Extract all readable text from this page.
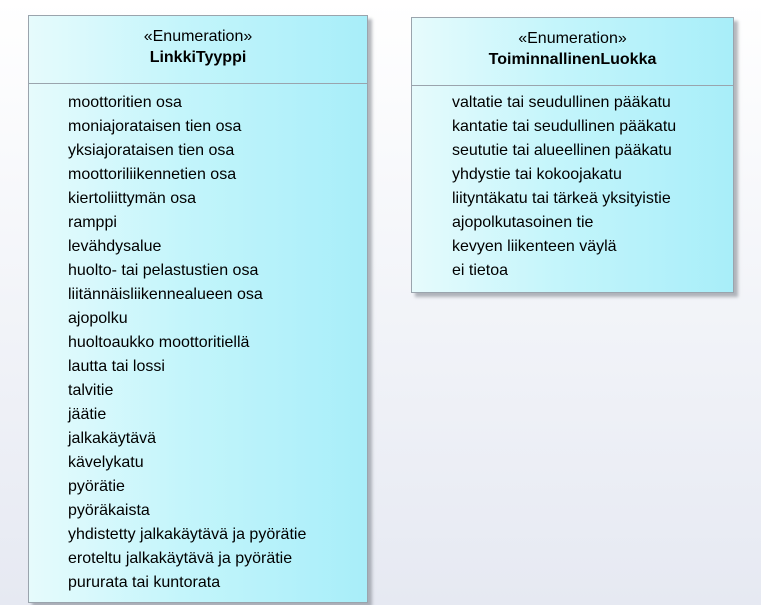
«Enumeration»
LinkkiTyyppi
moottoritien osa
moniajorataisen tien osa
yksiajorataisen tien osa
moottoriliikennetien osa
kiertoliittymän osa
ramppi
levähdysalue
huolto- tai pelastustien osa
liitännäisliikennealueen osa
ajopolku
huoltoaukko moottoritiellä
lautta tai lossi
talvitie
jäätie
jalkakäytävä
kävelykatu
pyörätie
pyöräkaista
yhdistetty jalkakäytävä ja pyörätie
eroteltu jalkakäytävä ja pyörätie
pururata tai kuntorata
«Enumeration»
ToiminnallinenLuokka
valtatie tai seudullinen pääkatu
kantatie tai seudullinen pääkatu
seututie tai alueellinen pääkatu
yhdystie tai kokoojakatu
liityntäkatu tai tärkeä yksityistie
ajopolkutasoinen tie
kevyen liikenteen väylä
ei tietoa
